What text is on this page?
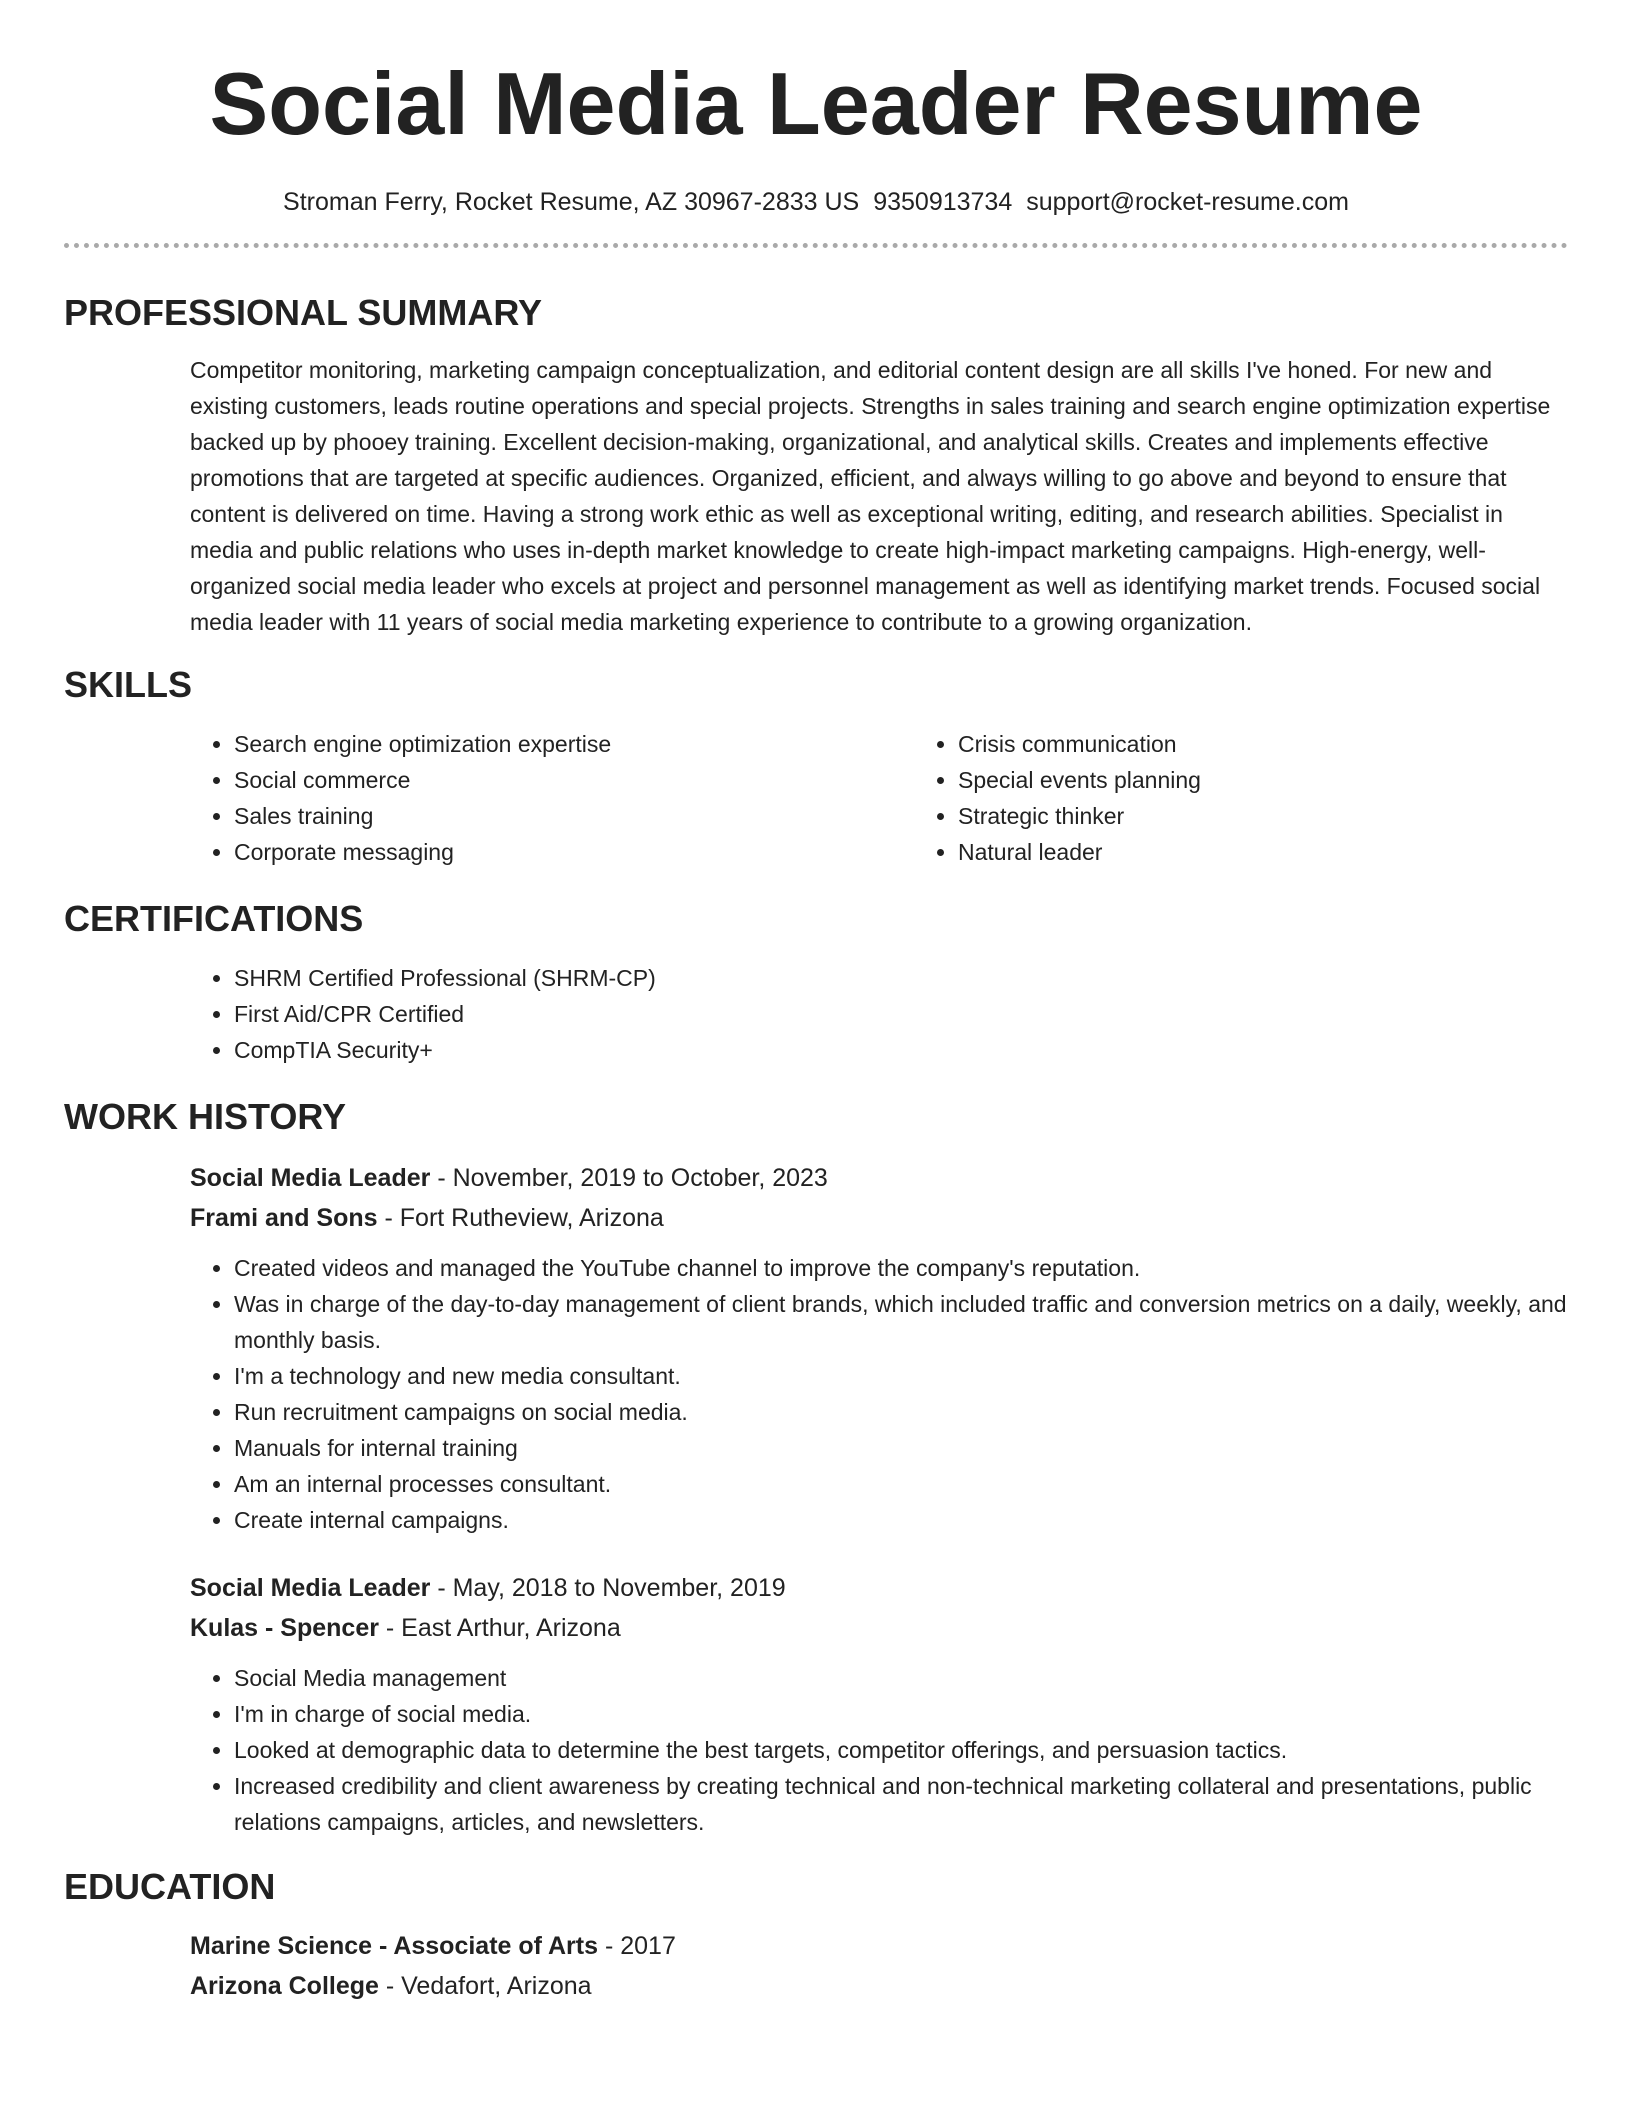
Social Media Leader Resume
Stroman Ferry, Rocket Resume, AZ 30967-2833 US 9350913734 support@rocket-resume.com
PROFESSIONAL SUMMARY
Competitor monitoring, marketing campaign conceptualization, and editorial content design are all skills I've honed. For new and existing customers, leads routine operations and special projects. Strengths in sales training and search engine optimization expertise backed up by phooey training. Excellent decision-making, organizational, and analytical skills. Creates and implements effective promotions that are targeted at specific audiences. Organized, efficient, and always willing to go above and beyond to ensure that content is delivered on time. Having a strong work ethic as well as exceptional writing, editing, and research abilities. Specialist in media and public relations who uses in-depth market knowledge to create high-impact marketing campaigns. High-energy, well-organized social media leader who excels at project and personnel management as well as identifying market trends. Focused social media leader with 11 years of social media marketing experience to contribute to a growing organization.
SKILLS
• Search engine optimization expertise
• Social commerce
• Sales training
• Corporate messaging
• Crisis communication
• Special events planning
• Strategic thinker
• Natural leader
CERTIFICATIONS
• SHRM Certified Professional (SHRM-CP)
• First Aid/CPR Certified
• CompTIA Security+
WORK HISTORY
Social Media Leader - November, 2019 to October, 2023
Frami and Sons - Fort Rutheview, Arizona
• Created videos and managed the YouTube channel to improve the company's reputation.
• Was in charge of the day-to-day management of client brands, which included traffic and conversion metrics on a daily, weekly, and monthly basis.
• I'm a technology and new media consultant.
• Run recruitment campaigns on social media.
• Manuals for internal training
• Am an internal processes consultant.
• Create internal campaigns.
Social Media Leader - May, 2018 to November, 2019
Kulas - Spencer - East Arthur, Arizona
• Social Media management
• I'm in charge of social media.
• Looked at demographic data to determine the best targets, competitor offerings, and persuasion tactics.
• Increased credibility and client awareness by creating technical and non-technical marketing collateral and presentations, public relations campaigns, articles, and newsletters.
EDUCATION
Marine Science - Associate of Arts - 2017
Arizona College - Vedafort, Arizona
